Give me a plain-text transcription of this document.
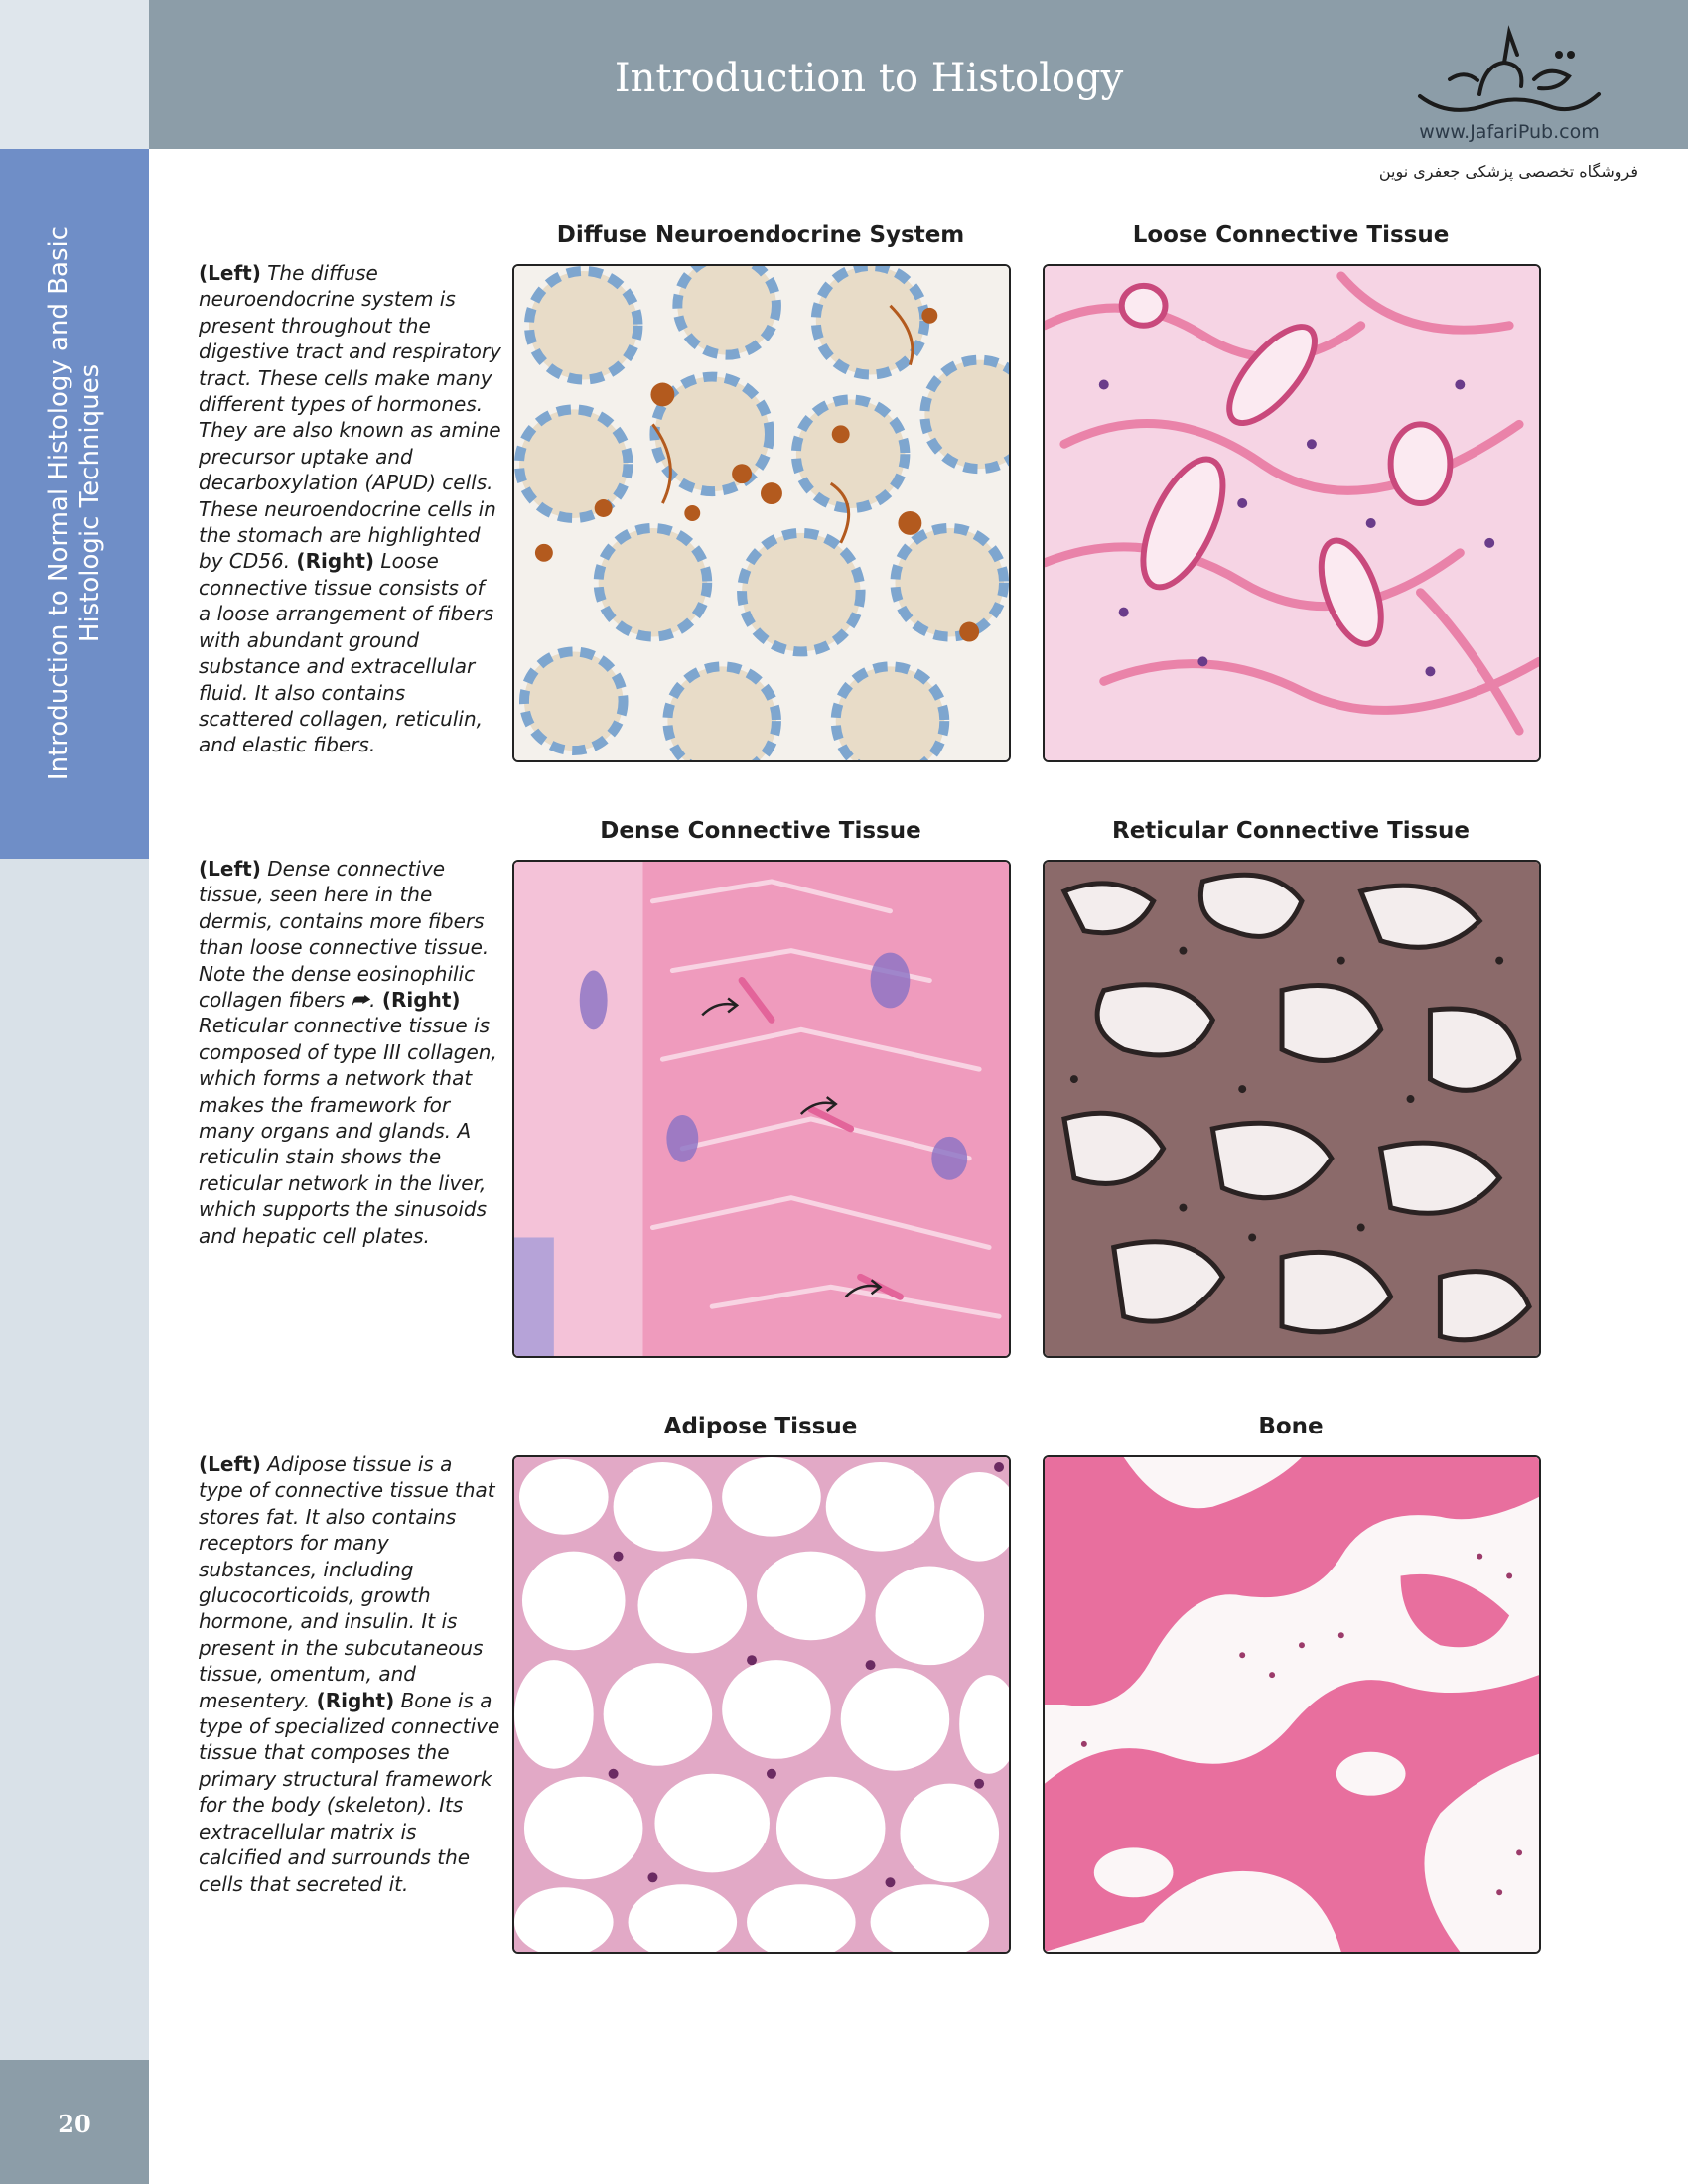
Introduction to Normal Histology and Basic
Histologic Techniques
20
Introduction to Histology
www.JafariPub.com
فروشگاه تخصصی پزشکی جعفری نوین
(Left) The diffuse neuroendocrine system is present throughout the digestive tract and respiratory tract. These cells make many different types of hormones. They are also known as amine precursor uptake and decarboxylation (APUD) cells. These neuroendocrine cells in the stomach are highlighted by CD56. (Right) Loose connective tissue consists of a loose arrangement of fibers with abundant ground substance and extracellular fluid. It also contains scattered collagen, reticulin, and elastic fibers.
Diffuse Neuroendocrine System	Loose Connective Tissue
(Left) Dense connective tissue, seen here in the dermis, contains more fibers than loose connective tissue. Note the dense eosinophilic collagen fibers ⮫. (Right) Reticular connective tissue is composed of type III collagen, which forms a network that makes the framework for many organs and glands. A reticulin stain shows the reticular network in the liver, which supports the sinusoids and hepatic cell plates.
Dense Connective Tissue	Reticular Connective Tissue
(Left) Adipose tissue is a type of connective tissue that stores fat. It also contains receptors for many substances, including glucocorticoids, growth hormone, and insulin. It is present in the subcutaneous tissue, omentum, and mesentery. (Right) Bone is a type of specialized connective tissue that composes the primary structural framework for the body (skeleton). Its extracellular matrix is calcified and surrounds the cells that secreted it.
Adipose Tissue	Bone
